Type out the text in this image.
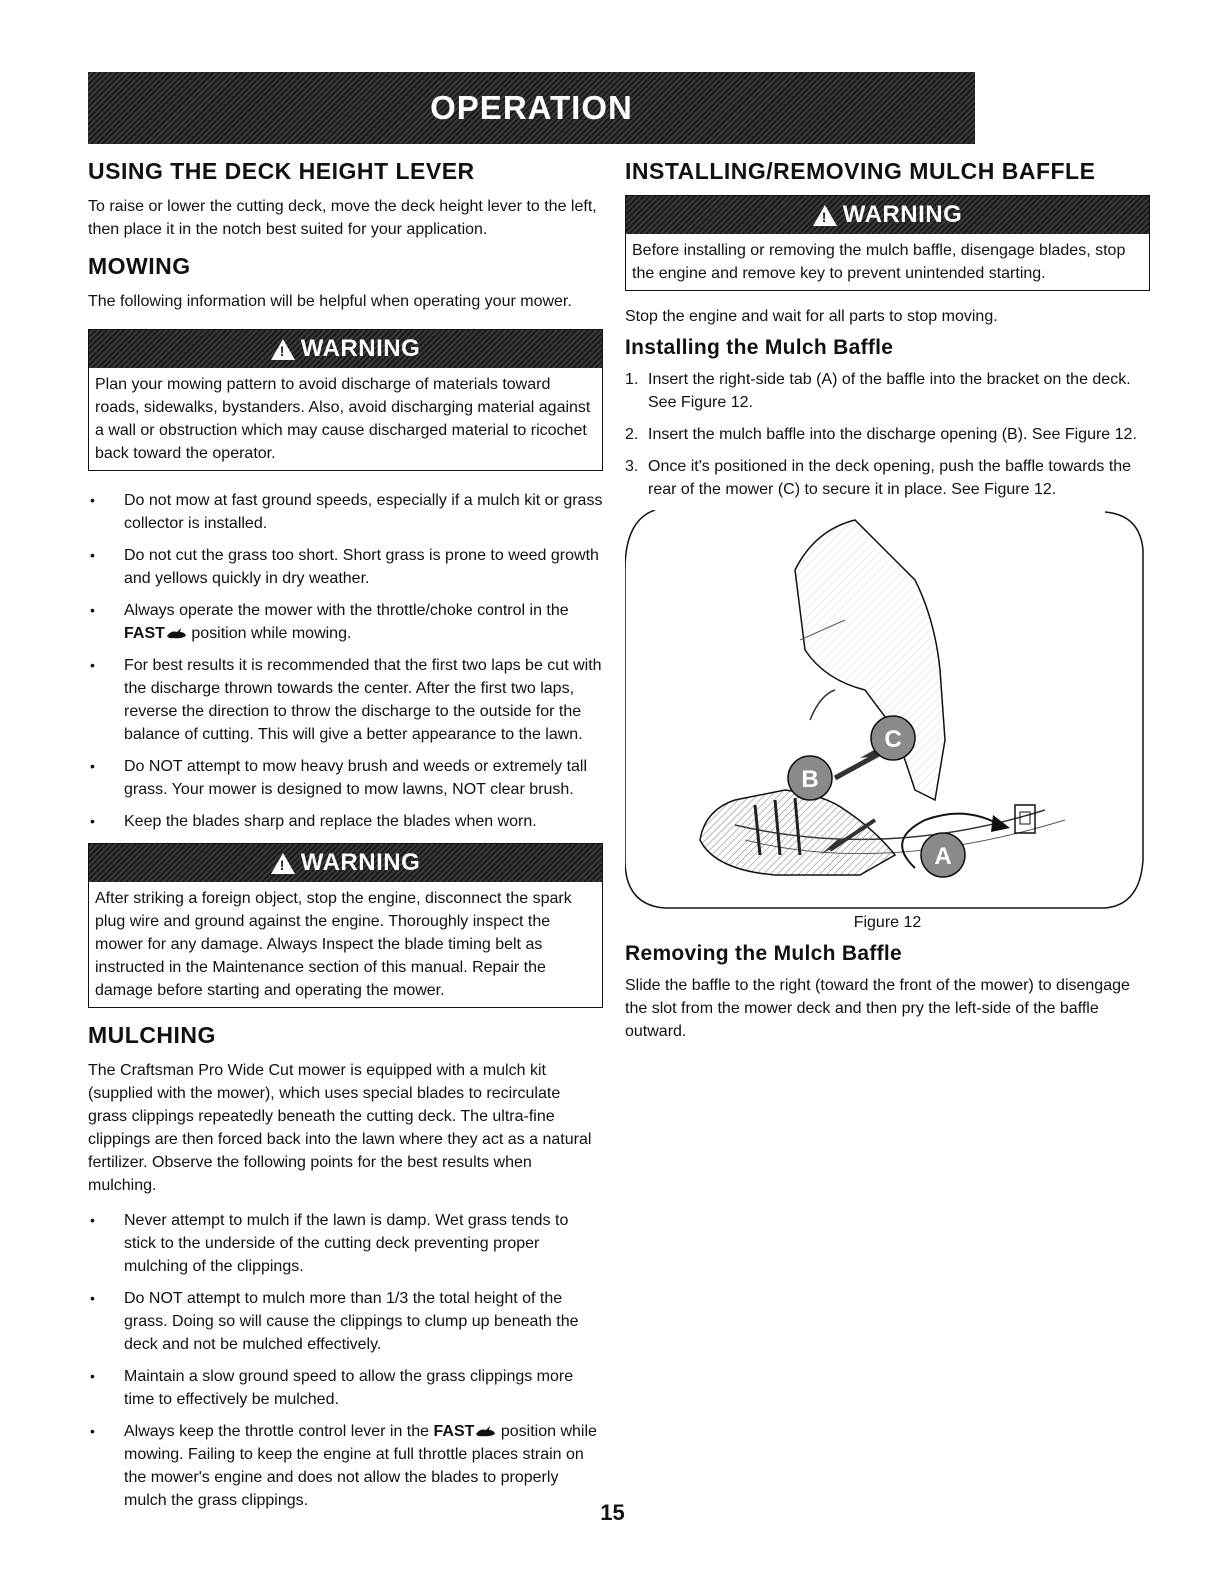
OPERATION
USING THE DECK HEIGHT LEVER

To raise or lower the cutting deck, move the deck height lever to the left, then place it in the notch best suited for your application.

MOWING

The following information will be helpful when operating your mower.

!
WARNING
Plan your mowing pattern to avoid discharge of materials toward roads, sidewalks, bystanders. Also, avoid discharging material against a wall or obstruction which may cause discharged material to ricochet back toward the operator.
• Do not mow at fast ground speeds, especially if a mulch kit or grass collector is installed.
• Do not cut the grass too short. Short grass is prone to weed growth and yellows quickly in dry weather.
• Always operate the mower with the throttle/choke control in the FAST position while mowing.
• For best results it is recommended that the first two laps be cut with the discharge thrown towards the center. After the first two laps, reverse the direction to throw the discharge to the outside for the balance of cutting. This will give a better appearance to the lawn.
• Do NOT attempt to mow heavy brush and weeds or extremely tall grass. Your mower is designed to mow lawns, NOT clear brush.
• Keep the blades sharp and replace the blades when worn.
!
WARNING
After striking a foreign object, stop the engine, disconnect the spark plug wire and ground against the engine. Thoroughly inspect the mower for any damage. Always Inspect the blade timing belt as instructed in the Maintenance section of this manual. Repair the damage before starting and operating the mower.
MULCHING

The Craftsman Pro Wide Cut mower is equipped with a mulch kit (supplied with the mower), which uses special blades to recirculate grass clippings repeatedly beneath the cutting deck. The ultra-fine clippings are then forced back into the lawn where they act as a natural fertilizer. Observe the following points for the best results when mulching.

• Never attempt to mulch if the lawn is damp. Wet grass tends to stick to the underside of the cutting deck preventing proper mulching of the clippings.
• Do NOT attempt to mulch more than 1/3 the total height of the grass. Doing so will cause the clippings to clump up beneath the deck and not be mulched effectively.
• Maintain a slow ground speed to allow the grass clippings more time to effectively be mulched.
• Always keep the throttle control lever in the FAST position while mowing. Failing to keep the engine at full throttle places strain on the mower's engine and does not allow the blades to properly mulch the grass clippings.
INSTALLING/REMOVING MULCH BAFFLE
!
WARNING
Before installing or removing the mulch baffle, disengage blades, stop the engine and remove key to prevent unintended starting.

Stop the engine and wait for all parts to stop moving.

Installing the Mulch Baffle
1. Insert the right-side tab (A) of the baffle into the bracket on the deck. See Figure 12.
2. Insert the mulch baffle into the discharge opening (B). See Figure 12.
3. Once it's positioned in the deck opening, push the baffle towards the rear of the mower (C) to secure it in place. See Figure 12.
C
B
A
Figure 12
Removing the Mulch Baffle

Slide the baffle to the right (toward the front of the mower) to disengage the slot from the mower deck and then pry the left-side of the baffle outward.

15
